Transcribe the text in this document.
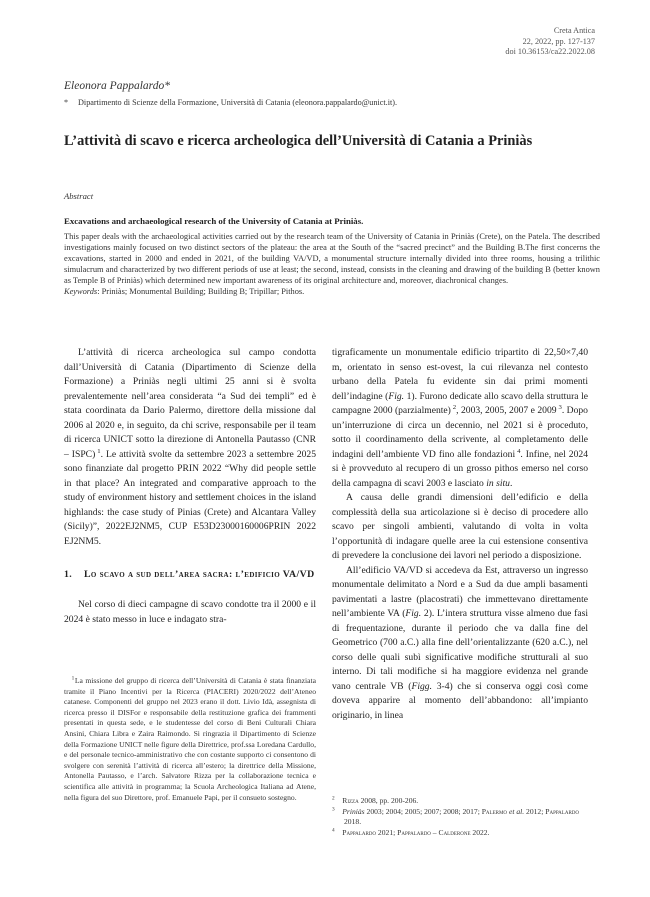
Creta Antica
22, 2022, pp. 127-137
doi 10.36153/ca22.2022.08
Eleonora Pappalardo*
* Dipartimento di Scienze della Formazione, Università di Catania (eleonora.pappalardo@unict.it).
L’attività di scavo e ricerca archeologica dell’Università di Catania a Priniàs
Abstract
Excavations and archaeological research of the University of Catania at Priniàs.

This paper deals with the archaeological activities carried out by the research team of the University of Catania in Priniàs (Crete), on the Patela. The described investigations mainly focused on two distinct sectors of the plateau: the area at the South of the “sacred precinct” and the Building B.The first concerns the excavations, started in 2000 and ended in 2021, of the building VA/VD, a monumental structure internally divided into three rooms, housing a trilithic simulacrum and characterized by two different periods of use at least; the second, instead, consists in the cleaning and drawing of the building B (better known as Temple B of Priniàs) which determined new important awareness of its original architecture and, moreover, diachronical changes.

Keywords: Priniàs; Monumental Building; Building B; Tripillar; Pithos.

L’attività di ricerca archeologica sul campo condotta dall’Università di Catania (Dipartimento di Scienze della Formazione) a Priniàs negli ultimi 25 anni si è svolta prevalentemente nell’area considerata “a Sud dei templi” ed è stata coordinata da Dario Palermo, direttore della missione dal 2006 al 2020 e, in seguito, da chi scrive, responsabile per il team di ricerca UNICT sotto la direzione di Antonella Pautasso (CNR – ISPC)  $^1$. Le attività svolte da settembre 2023 a settembre 2025 sono finanziate dal progetto PRIN 2022 “Why did people settle in that place? An integrated and comparative approach to the study of environment history and settlement choices in the island highlands: the case study of Pinias (Crete) and Alcantara Valley (Sicily)”, 2022EJ2NM5, CUP E53D23000160006PRIN 2022 EJ2NM5.

1.	Lo scavo a sud dell’area sacra: l’edificio VA/VD

Nel corso di dieci campagne di scavo condotte tra il 2000 e il 2024 è stato messo in luce e indagato stra-

tigraficamente un monumentale edificio tripartito di 22,50×7,40 m, orientato in senso est-ovest, la cui rilevanza nel contesto urbano della Patela fu evidente sin dai primi momenti dell’indagine (Fig. 1). Furono dedicate allo scavo della struttura le campagne 2000 (parzialmente)  $^2$, 2003, 2005, 2007 e 2009  $^3$. Dopo un’interruzione di circa un decennio, nel 2021 si è proceduto, sotto il coordinamento della scrivente, al completamento delle indagini dell’ambiente VD fino alle fondazioni  $^4$. Infine, nel 2024 si è provveduto al recupero di un grosso pithos emerso nel corso della campagna di scavi 2003 e lasciato in situ.

A causa delle grandi dimensioni dell’edificio e della complessità della sua articolazione si è deciso di procedere allo scavo per singoli ambienti, valutando di volta in volta l’opportunità di indagare quelle aree la cui estensione consentiva di prevedere la conclusione dei lavori nel periodo a disposizione.

All’edificio VA/VD si accedeva da Est, attraverso un ingresso monumentale delimitato a Nord e a Sud da due ampli basamenti pavimentati a lastre (placostrati) che immettevano direttamente nell’ambiente VA (Fig. 2). L’intera struttura visse almeno due fasi di frequentazione, durante il periodo che va dalla fine del Geometrico (700 a.C.) alla fine dell’orientalizzante (620 a.C.), nel corso delle quali subì significative modifiche strutturali al suo interno. Di tali modifiche si ha maggiore evidenza nel grande vano centrale VB (Figg. 3-4) che si conserva oggi così come doveva apparire al momento dell’abbandono: all’impianto originario, in linea

 $^1$ La missione del gruppo di ricerca dell’Università di Catania è stata finanziata tramite il Piano Incentivi per la Ricerca (PIACERI) 2020/2022 dell’Ateneo catanese. Componenti del gruppo nel 2023 erano il dott. Livio Idà, assegnista di ricerca presso il DISFor e responsabile della restituzione grafica dei frammenti presentati in questa sede, e le studentesse del corso di Beni Culturali Chiara Ansini, Chiara Libra e Zaira Raimondo. Si ringrazia il Dipartimento di Scienze della Formazione UNICT nelle figure della Direttrice, prof.ssa Loredana Cardullo, e del personale tecnico-amministrativo che con costante supporto ci consentono di svolgere con serenità l’attività di ricerca all’estero; la direttrice della Missione, Antonella Pautasso, e l’arch. Salvatore Rizza per la collaborazione tecnica e scientifica alle attività in programma; la Scuola Archeologica Italiana ad Atene, nella figura del suo Direttore, prof. Emanuele Papi, per il consueto sostegno.	$^2$  Rizza 2008, pp. 200-206.

$^3$  Priniàs 2003; 2004; 2005; 2007; 2008; 2017; Palermo et al. 2012; Pappalardo 2018.

$^4$  Pappalardo 2021; Pappalardo – Calderone 2022.
